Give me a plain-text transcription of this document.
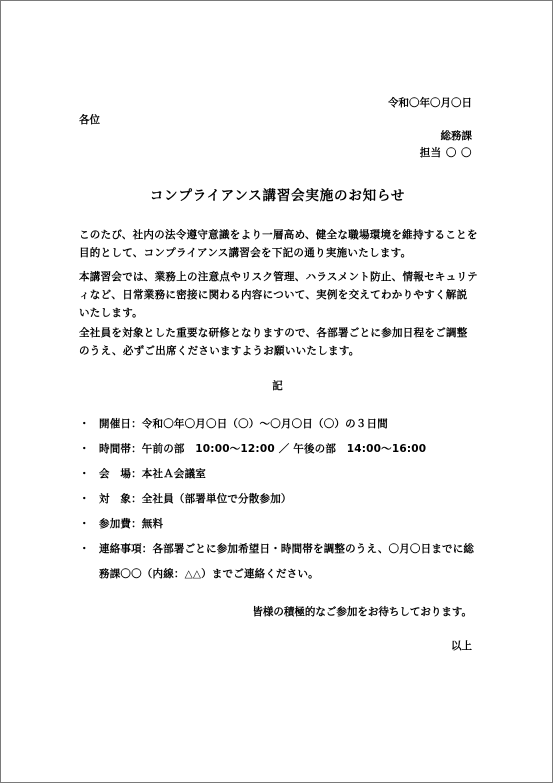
令和〇年〇月〇日
各位
総務課
担当 〇 〇
コンプライアンス講習会実施のお知らせ
このたび、社内の法令遵守意識をより一層高め、健全な職場環境を維持することを目的として、コンプライアンス講習会を下記の通り実施いたします。
本講習会では、業務上の注意点やリスク管理、ハラスメント防止、情報セキュリティなど、日常業務に密接に関わる内容について、実例を交えてわかりやすく解説いたします。
全社員を対象とした重要な研修となりますので、各部署ごとに参加日程をご調整のうえ、必ずご出席くださいますようお願いいたします。
記
・ 開催日：令和〇年〇月〇日（〇）～〇月〇日（〇）の３日間
・ 時間帯：午前の部　10:00～12:00 ／ 午後の部　14:00～16:00
・ 会　場：本社Ａ会議室
・ 対　象：全社員（部署単位で分散参加）
・ 参加費：無料
・ 連絡事項：各部署ごとに参加希望日・時間帯を調整のうえ、〇月〇日までに総務課〇〇（内線：△△）までご連絡ください。
皆様の積極的なご参加をお待ちしております。
以上
